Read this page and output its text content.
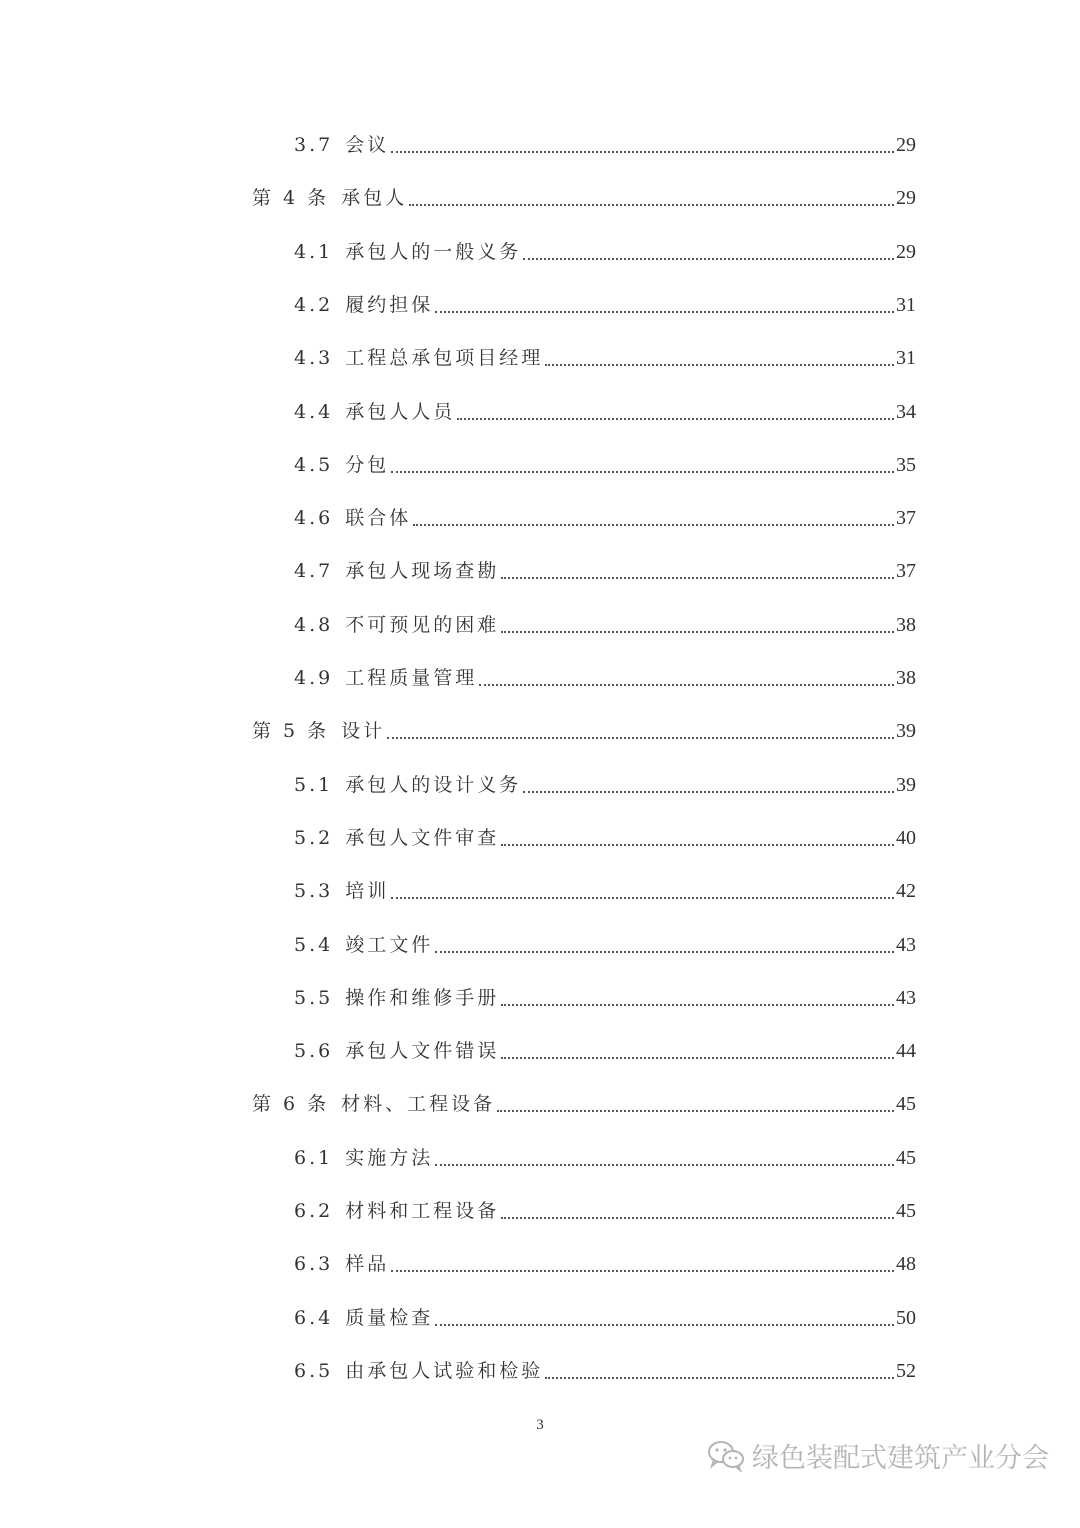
3.7 会议	29
第 4 条 承包人	29
4.1 承包人的一般义务	29
4.2 履约担保	31
4.3 工程总承包项目经理	31
4.4 承包人人员	34
4.5 分包	35
4.6 联合体	37
4.7 承包人现场查勘	37
4.8 不可预见的困难	38
4.9 工程质量管理	38
第 5 条 设计	39
5.1 承包人的设计义务	39
5.2 承包人文件审查	40
5.3 培训	42
5.4 竣工文件	43
5.5 操作和维修手册	43
5.6 承包人文件错误	44
第 6 条 材料、工程设备	45
6.1 实施方法	45
6.2 材料和工程设备	45
6.3 样品	48
6.4 质量检查	50
6.5 由承包人试验和检验	52
3
绿色装配式建筑产业分会
